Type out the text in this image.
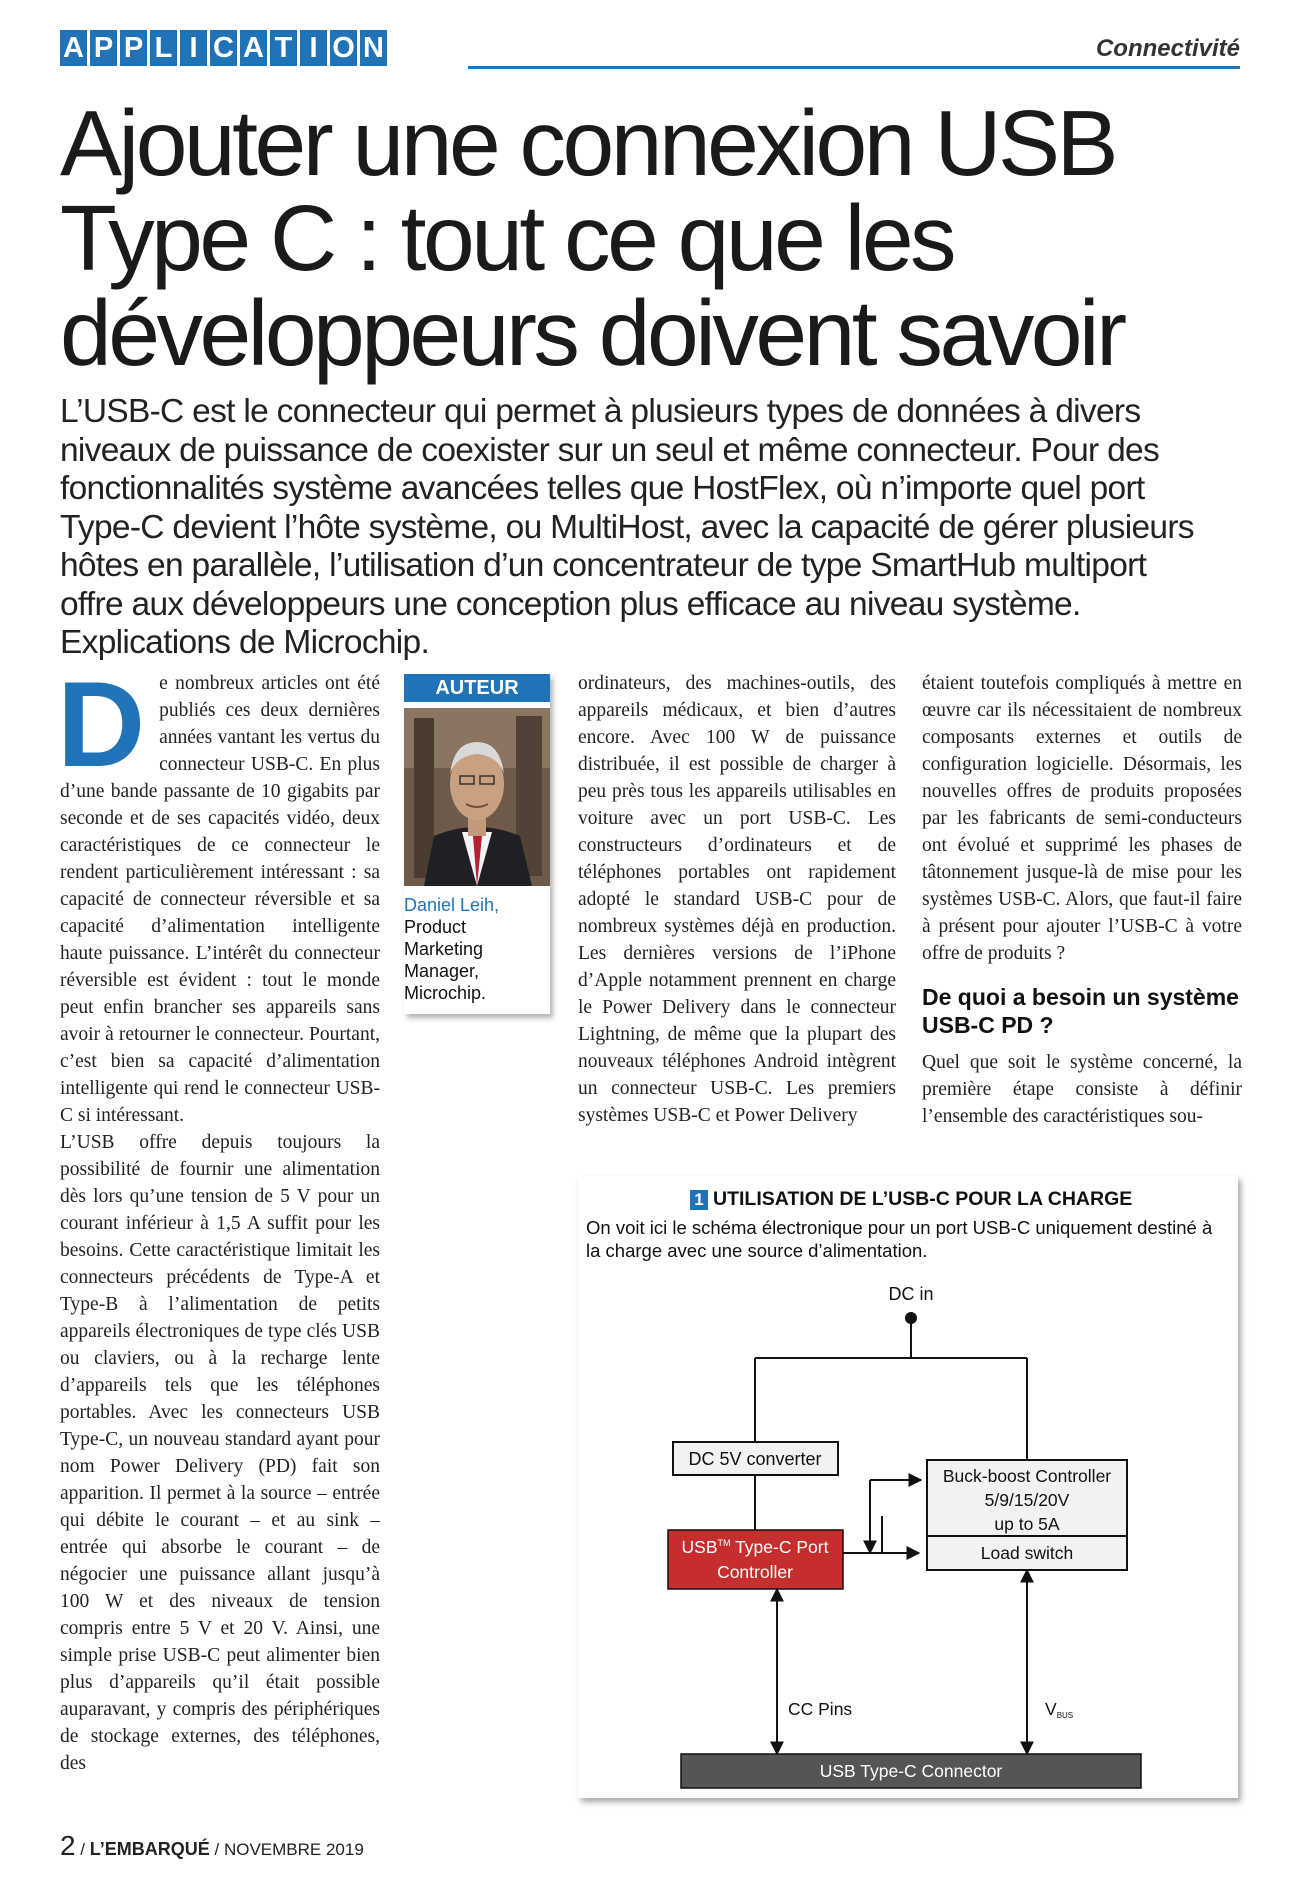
A P P L I C A T I O N	Connectivité
Ajouter une connexion USB Type C : tout ce que les développeurs doivent savoir

L’USB-C est le connecteur qui permet à plusieurs types de données à divers niveaux de puissance de coexister sur un seul et même connecteur. Pour des fonctionnalités système avancées telles que HostFlex, où n’importe quel port Type-C devient l’hôte système, ou MultiHost, avec la capacité de gérer plusieurs hôtes en parallèle, l’utilisation d’un concentrateur de type SmartHub multiport offre aux développeurs une conception plus efficace au niveau système. Explications de Microchip.

D e nombreux articles ont été publiés ces deux dernières années vantant les vertus du connecteur USB-C. En plus d’une bande passante de 10 gigabits par seconde et de ses capacités vidéo, deux caractéristiques de ce connecteur le rendent particulièrement intéressant : sa capacité de connecteur réversible et sa capacité d’alimentation intelligente haute puissance. L’intérêt du connecteur réversible est évident : tout le monde peut enfin brancher ses appareils sans avoir à retourner le connecteur. Pourtant, c’est bien sa capacité d’alimentation intelligente qui rend le connecteur USB-C si intéressant.

L’USB offre depuis toujours la possibilité de fournir une alimentation dès lors qu’une tension de 5 V pour un courant inférieur à 1,5 A suffit pour les besoins. Cette caractéristique limitait les connecteurs précédents de Type-A et Type-B à l’alimentation de petits appareils électroniques de type clés USB ou claviers, ou à la recharge lente d’appareils tels que les téléphones portables. Avec les connecteurs USB Type-C, un nouveau standard ayant pour nom Power Delivery (PD) fait son apparition. Il permet à la source – entrée qui débite le courant – et au sink – entrée qui absorbe le courant – de négocier une puissance allant jusqu’à 100 W et des niveaux de tension compris entre 5 V et 20 V. Ainsi, une simple prise USB-C peut alimenter bien plus d’appareils qu’il était possible auparavant, y compris des périphériques de stockage externes, des téléphones, des

AUTEUR

Daniel Leih,

Product Marketing Manager, Microchip.

ordinateurs, des machines-outils, des appareils médicaux, et bien d’autres encore. Avec 100 W de puissance distribuée, il est possible de charger à peu près tous les appareils utilisables en voiture avec un port USB-C. Les constructeurs d’ordinateurs et de téléphones portables ont rapidement adopté le standard USB-C pour de nombreux systèmes déjà en production. Les dernières versions de l’iPhone d’Apple notamment prennent en charge le Power Delivery dans le connecteur Lightning, de même que la plupart des nouveaux téléphones Android intègrent un connecteur USB-C. Les premiers systèmes USB-C et Power Delivery

étaient toutefois compliqués à mettre en œuvre car ils nécessitaient de nombreux composants externes et outils de configuration logicielle. Désormais, les nouvelles offres de produits proposées par les fabricants de semi-conducteurs ont évolué et supprimé les phases de tâtonnement jusque-là de mise pour les systèmes USB-C. Alors, que faut-il faire à présent pour ajouter l’USB-C à votre offre de produits ?

De quoi a besoin un système USB-C PD ?

Quel que soit le système concerné, la première étape consiste à définir l’ensemble des caractéristiques sou-

1 UTILISATION DE L’USB-C POUR LA CHARGE

On voit ici le schéma électronique pour un port USB-C uniquement destiné à la charge avec une source d’alimentation.

DC in
DC 5V converter
Buck-boost Controller
5/9/15/20V
up to 5A
USB™ Type-C Port
Controller
Load switch
CC Pins	VBUS
USB Type-C Connector
2 / L’EMBARQUÉ / NOVEMBRE 2019
